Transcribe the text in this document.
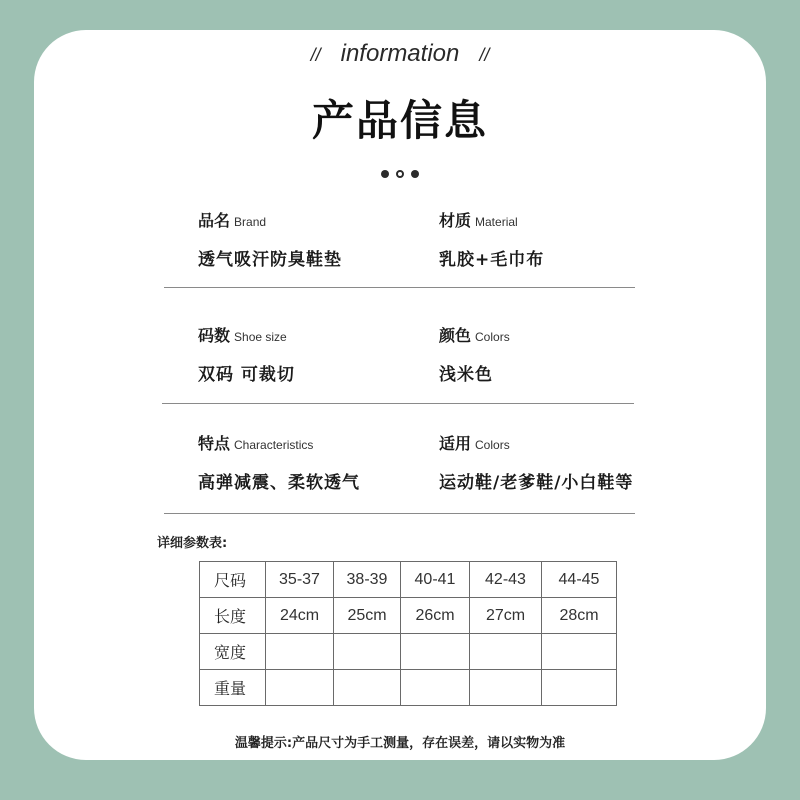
// information //
产品信息
品名 Brand
透气吸汗防臭鞋垫
材质 Material
乳胶+毛巾布
码数 Shoe size
双码 可裁切
颜色 Colors
浅米色
特点 Characteristics
高弹减震、柔软透气
适用 Colors
运动鞋/老爹鞋/小白鞋等
详细参数表:
尺码	35-37	38-39	40-41	42-43	44-45
长度	24cm	25cm	26cm	27cm	28cm
宽度					
重量					
温馨提示:产品尺寸为手工测量，存在误差，请以实物为准
